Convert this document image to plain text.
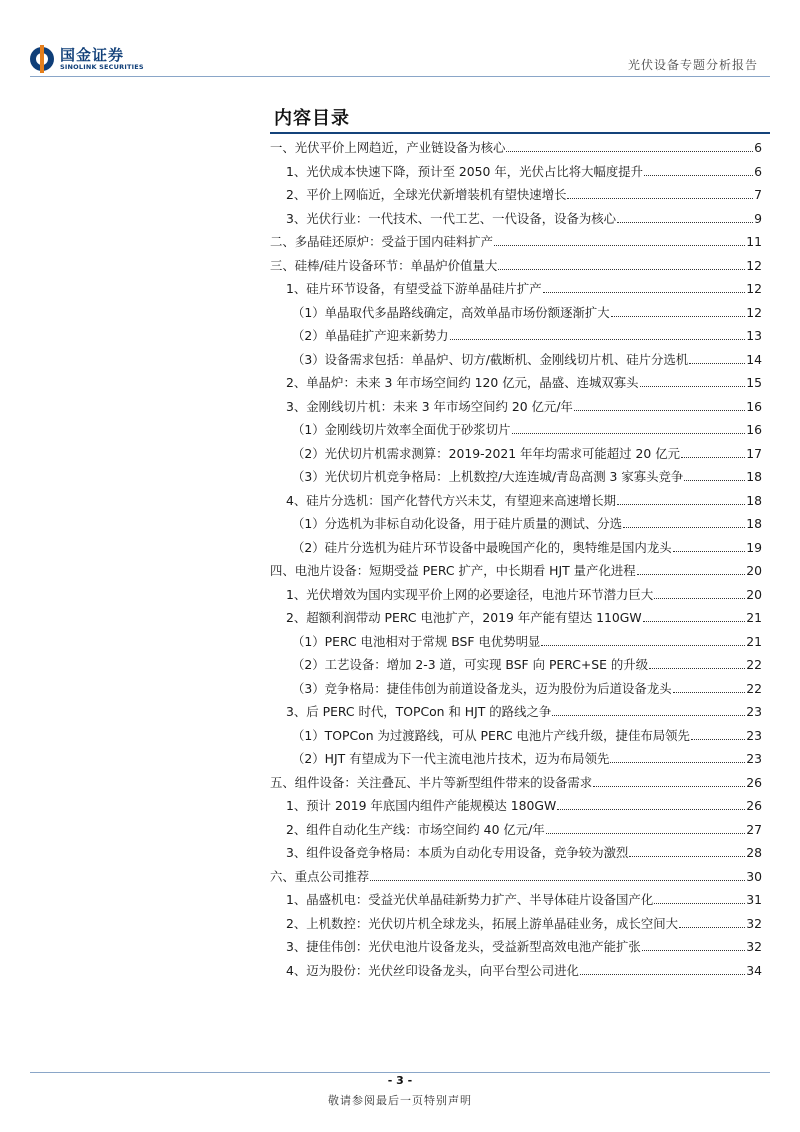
国金证券
SINOLINK SECURITIES	光伏设备专题分析报告
内容目录
一、光伏平价上网趋近，产业链设备为核心	6
1、光伏成本快速下降，预计至 2050 年，光伏占比将大幅度提升	6
2、平价上网临近，全球光伏新增装机有望快速增长	7
3、光伏行业：一代技术、一代工艺、一代设备，设备为核心	9
二、多晶硅还原炉：受益于国内硅料扩产	11
三、硅棒/硅片设备环节：单晶炉价值量大	12
1、硅片环节设备，有望受益下游单晶硅片扩产	12
（1）单晶取代多晶路线确定，高效单晶市场份额逐渐扩大	12
（2）单晶硅扩产迎来新势力	13
（3）设备需求包括：单晶炉、切方/截断机、金刚线切片机、硅片分选机	14
2、单晶炉：未来 3 年市场空间约 120 亿元，晶盛、连城双寡头	15
3、金刚线切片机：未来 3 年市场空间约 20 亿元/年	16
（1）金刚线切片效率全面优于砂浆切片	16
（2）光伏切片机需求测算：2019-2021 年年均需求可能超过 20 亿元	17
（3）光伏切片机竞争格局：上机数控/大连连城/青岛高测 3 家寡头竞争	18
4、硅片分选机：国产化替代方兴未艾，有望迎来高速增长期	18
（1）分选机为非标自动化设备，用于硅片质量的测试、分选	18
（2）硅片分选机为硅片环节设备中最晚国产化的，奥特维是国内龙头	19
四、电池片设备：短期受益 PERC 扩产，中长期看 HJT 量产化进程	20
1、光伏增效为国内实现平价上网的必要途径，电池片环节潜力巨大	20
2、超额利润带动 PERC 电池扩产，2019 年产能有望达 110GW	21
（1）PERC 电池相对于常规 BSF 电优势明显	21
（2）工艺设备：增加 2-3 道，可实现 BSF 向 PERC+SE 的升级	22
（3）竞争格局：捷佳伟创为前道设备龙头，迈为股份为后道设备龙头	22
3、后 PERC 时代，TOPCon 和 HJT 的路线之争	23
（1）TOPCon 为过渡路线，可从 PERC 电池片产线升级，捷佳布局领先	23
（2）HJT 有望成为下一代主流电池片技术，迈为布局领先	23
五、组件设备：关注叠瓦、半片等新型组件带来的设备需求	26
1、预计 2019 年底国内组件产能规模达 180GW	26
2、组件自动化生产线：市场空间约 40 亿元/年	27
3、组件设备竞争格局：本质为自动化专用设备，竞争较为激烈	28
六、重点公司推荐	30
1、晶盛机电：受益光伏单晶硅新势力扩产、半导体硅片设备国产化	31
2、上机数控：光伏切片机全球龙头，拓展上游单晶硅业务，成长空间大	32
3、捷佳伟创：光伏电池片设备龙头，受益新型高效电池产能扩张	32
4、迈为股份：光伏丝印设备龙头，向平台型公司进化	34
- 3 -
敬请参阅最后一页特别声明
